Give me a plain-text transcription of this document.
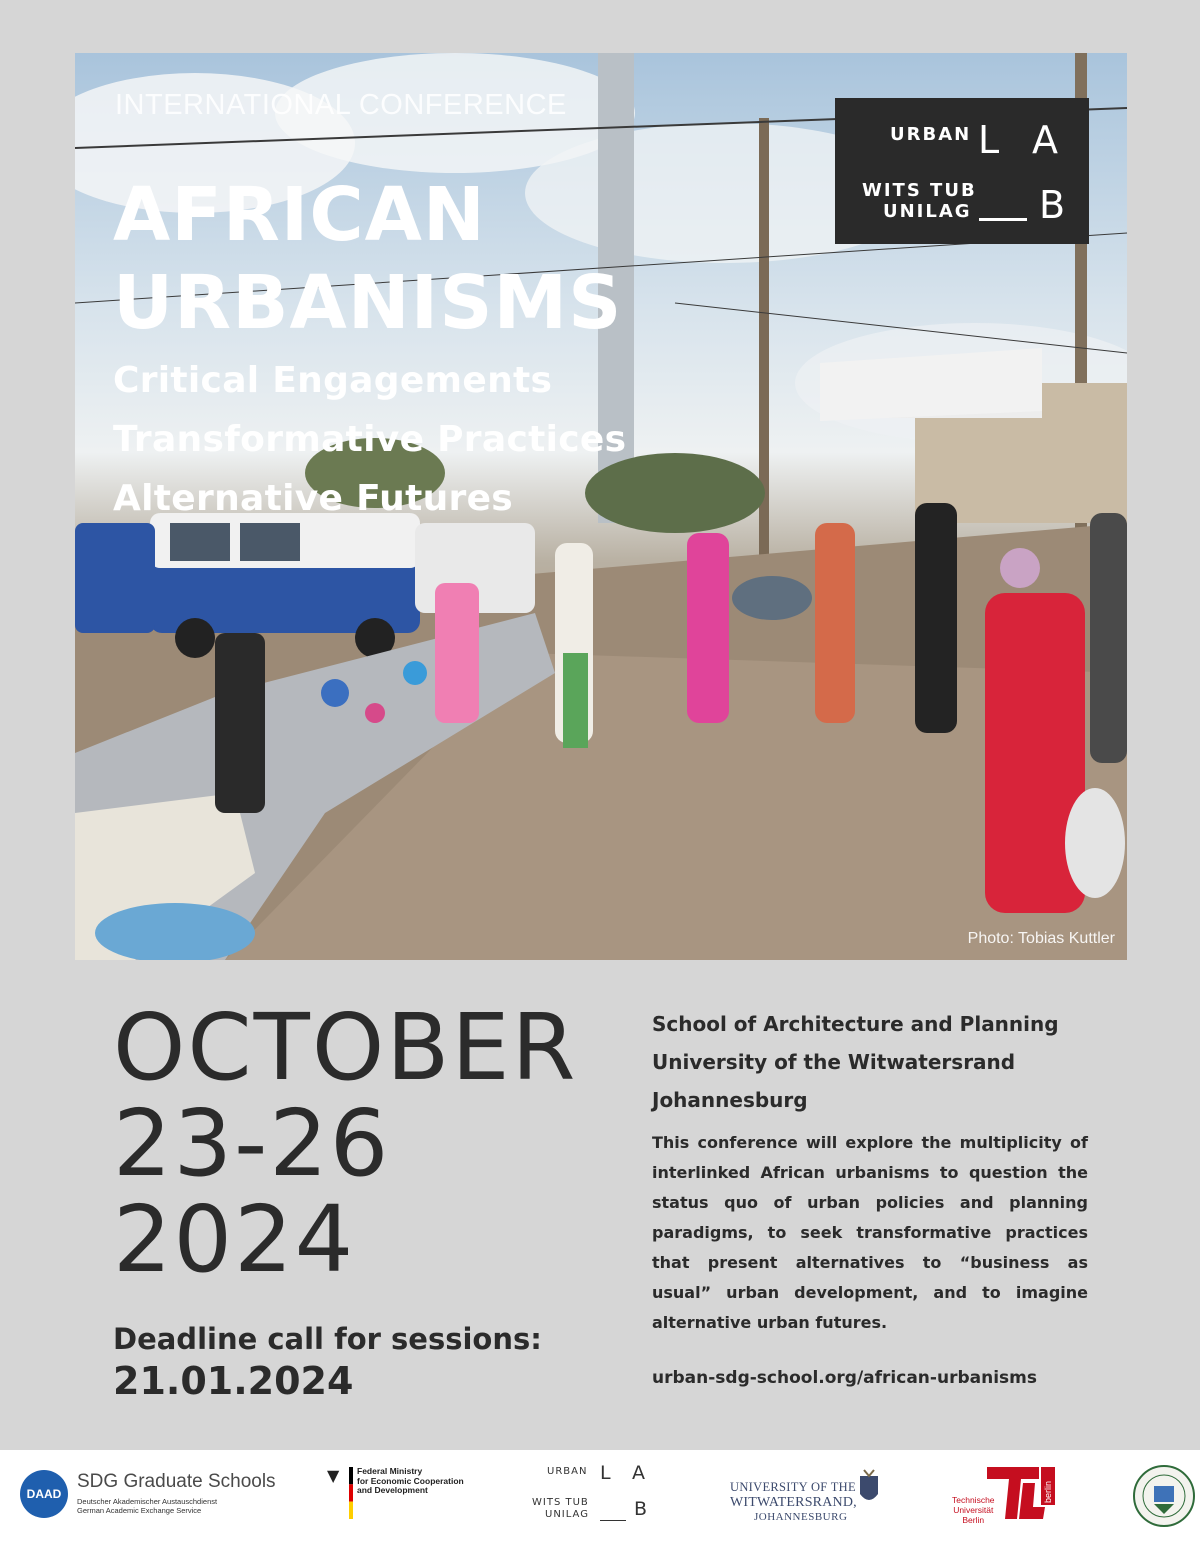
INTERNATIONAL CONFERENCE
AFRICAN
URBANISMS
Critical Engagements
Transformative Practices
Alternative Futures
URBAN L A
WITS TUB
UNILAG B
Photo: Tobias Kuttler
OCTOBER
23-26
2024
Deadline call for sessions:
21.01.2024
School of Architecture and Planning
University of the Witwatersrand
Johannesburg
This conference will explore the multiplicity of interlinked African urbanisms to question the status quo of urban policies and planning paradigms, to seek transformative practices that present alternatives to “business as usual” urban development, and to imagine alternative urban futures.
urban-sdg-school.org/african-urbanisms
DAAD
SDG Graduate Schools
Deutscher Akademischer Austauschdienst
German Academic Exchange Service
▼ Federal Ministry
for Economic Cooperation
and Development
URBAN L A
WITS TUB
UNILAG B
UNIVERSITY OF THE
WITWATERSRAND,
JOHANNESBURG
Technische
Universität
Berlin
berlin
